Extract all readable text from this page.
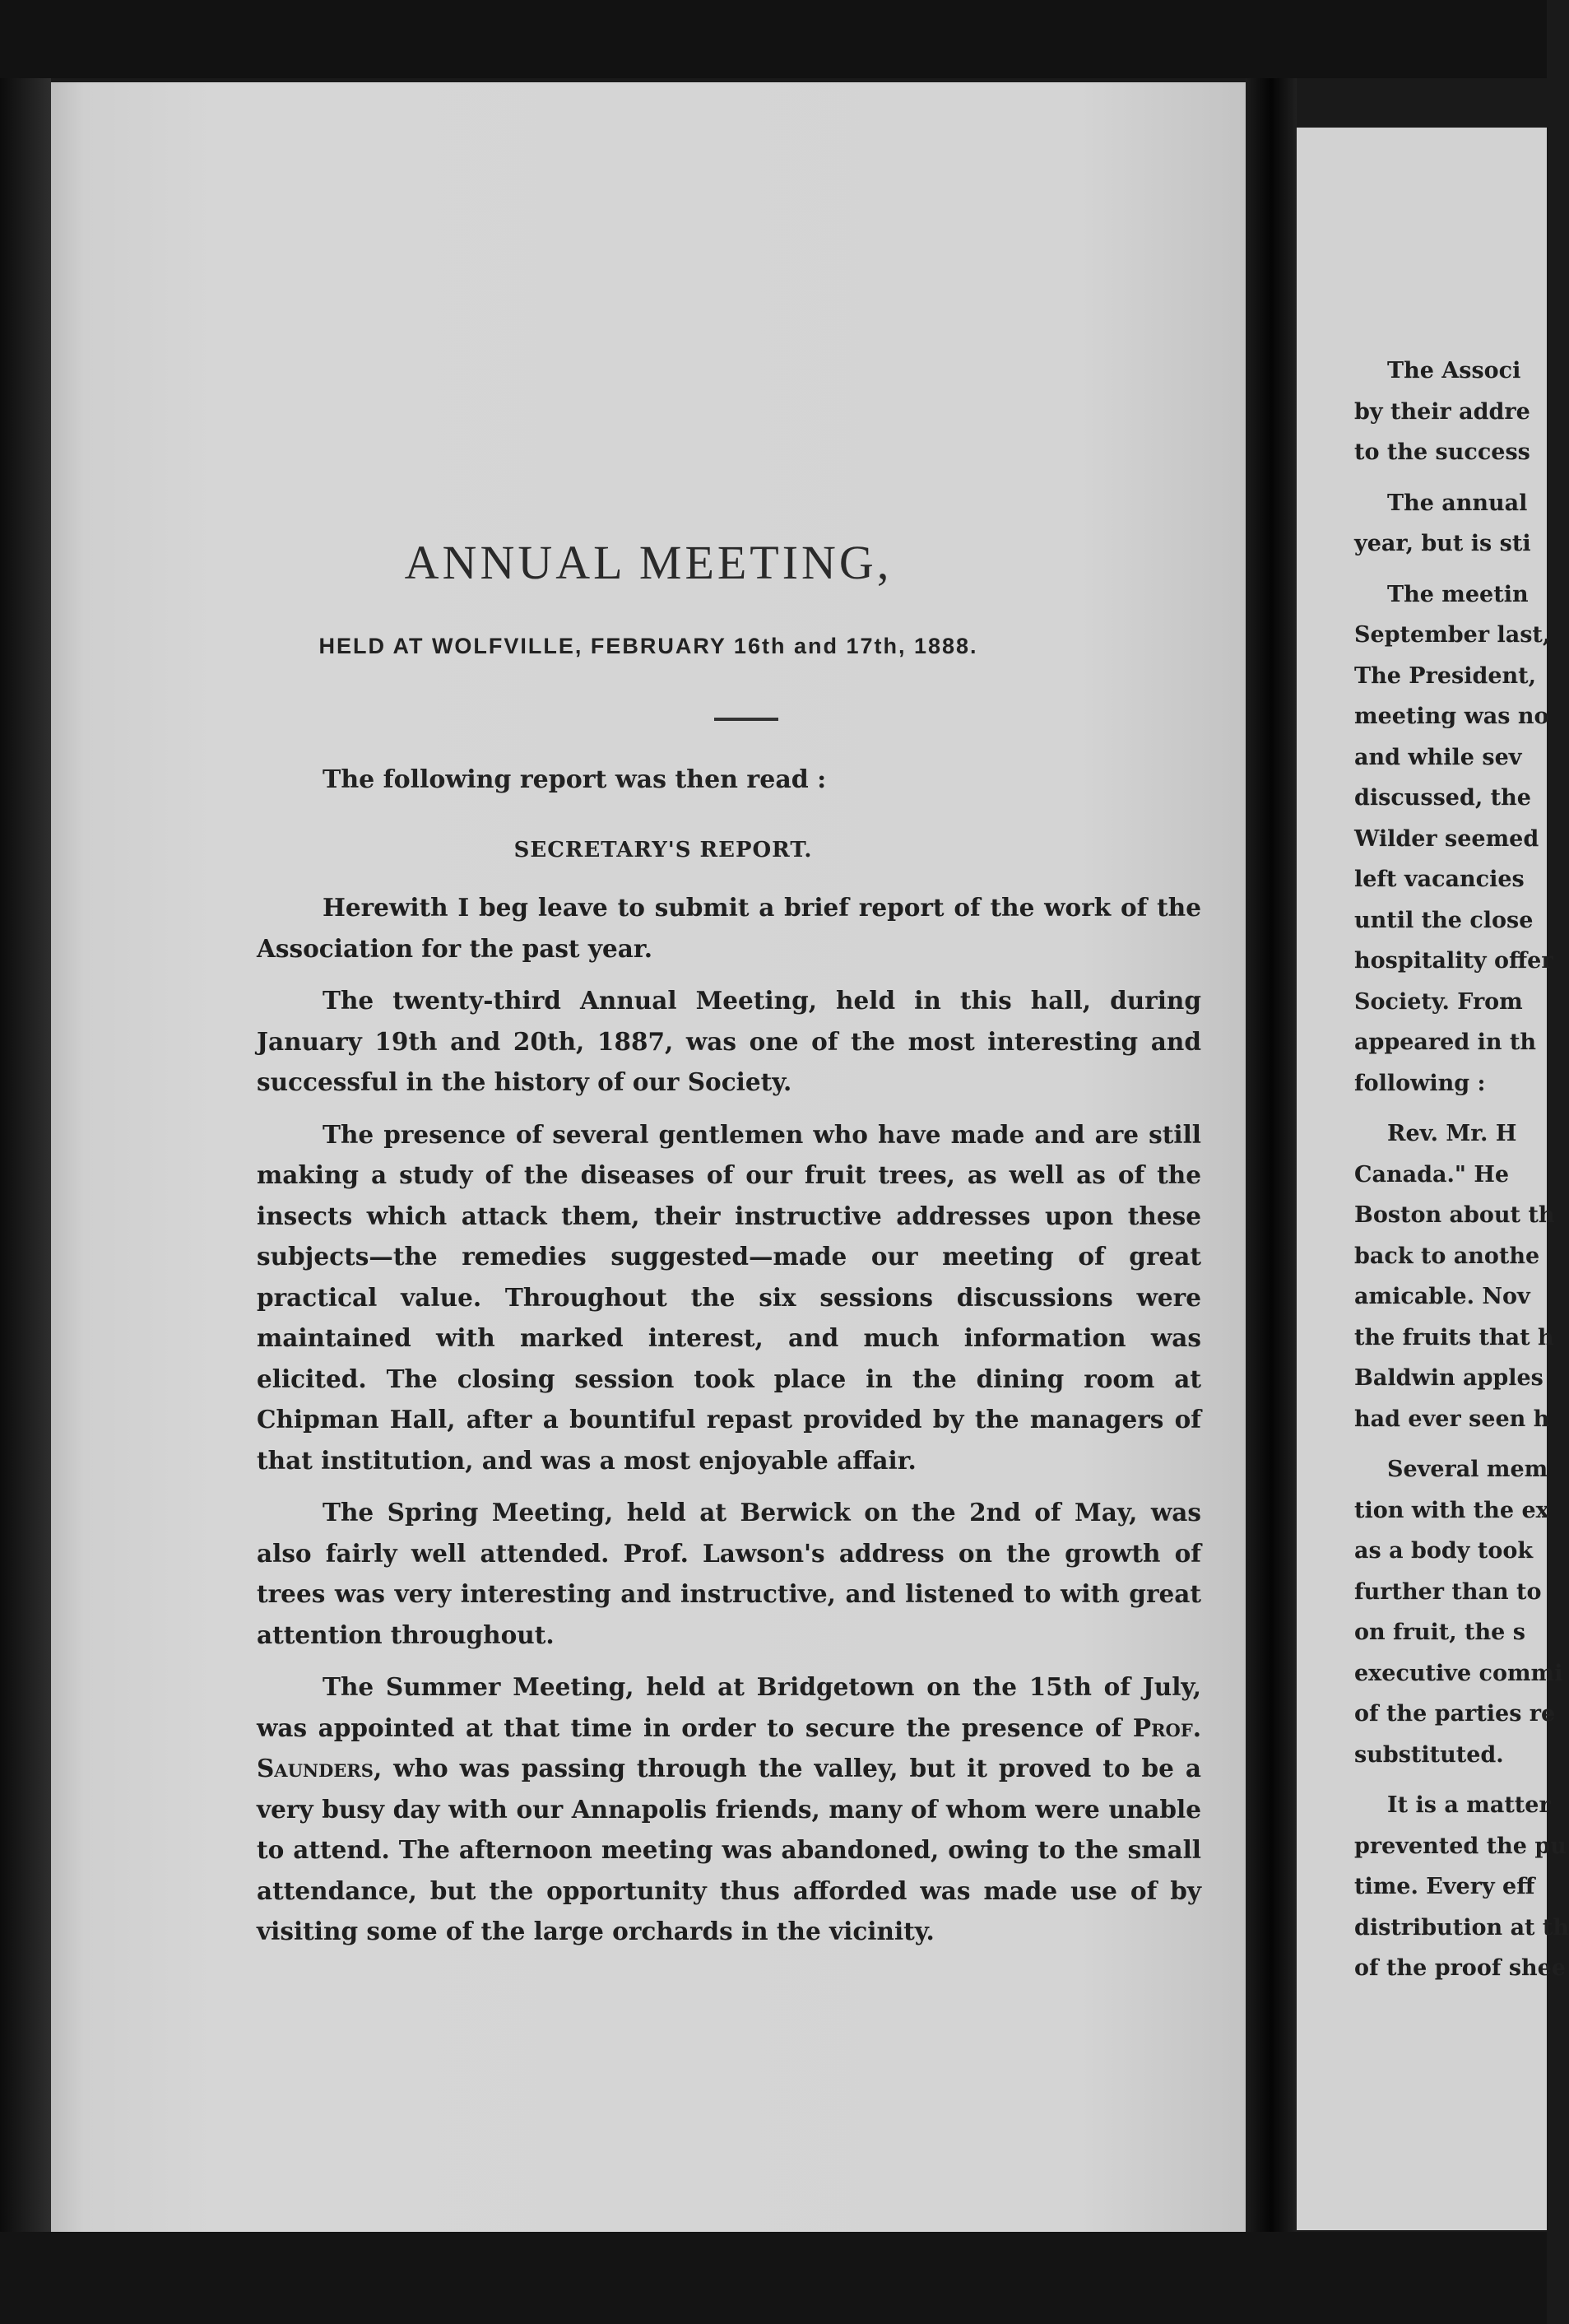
ANNUAL MEETING,
HELD AT WOLFVILLE, FEBRUARY 16th and 17th, 1888.
The following report was then read :
SECRETARY'S REPORT.

Herewith I beg leave to submit a brief report of the work of the Association for the past year.

The twenty-third Annual Meeting, held in this hall, during January 19th and 20th, 1887, was one of the most interesting and successful in the history of our Society.

The presence of several gentlemen who have made and are still making a study of the diseases of our fruit trees, as well as of the insects which attack them, their instructive addresses upon these subjects—the remedies suggested—made our meeting of great practical value. Throughout the six sessions discussions were maintained with marked interest, and much information was elicited. The closing session took place in the dining room at Chipman Hall, after a bountiful repast provided by the managers of that institution, and was a most enjoyable affair.

The Spring Meeting, held at Berwick on the 2nd of May, was also fairly well attended. Prof. Lawson's address on the growth of trees was very interesting and instructive, and listened to with great attention throughout.

The Summer Meeting, held at Bridgetown on the 15th of July, was appointed at that time in order to secure the presence of Prof. Saunders, who was passing through the valley, but it proved to be a very busy day with our Annapolis friends, many of whom were unable to attend. The afternoon meeting was abandoned, owing to the small attendance, but the opportunity thus afforded was made use of by visiting some of the large orchards in the vicinity.

The Associ
by their addre
to the success
The annual
year, but is sti
The meetin
September last,
The President,
meeting was no
and while sev
discussed, the
Wilder seemed
left vacancies
until the close
hospitality offer
Society. From
appeared in th
following :
Rev. Mr. H
Canada." He
Boston about th
back to anothe
amicable. Nov
the fruits that h
Baldwin apples
had ever seen h
Several mem
tion with the ex
as a body took
further than to
on fruit, the s
executive commi
of the parties re
substituted.
It is a matter
prevented the pu
time. Every eff
distribution at th
of the proof shee
